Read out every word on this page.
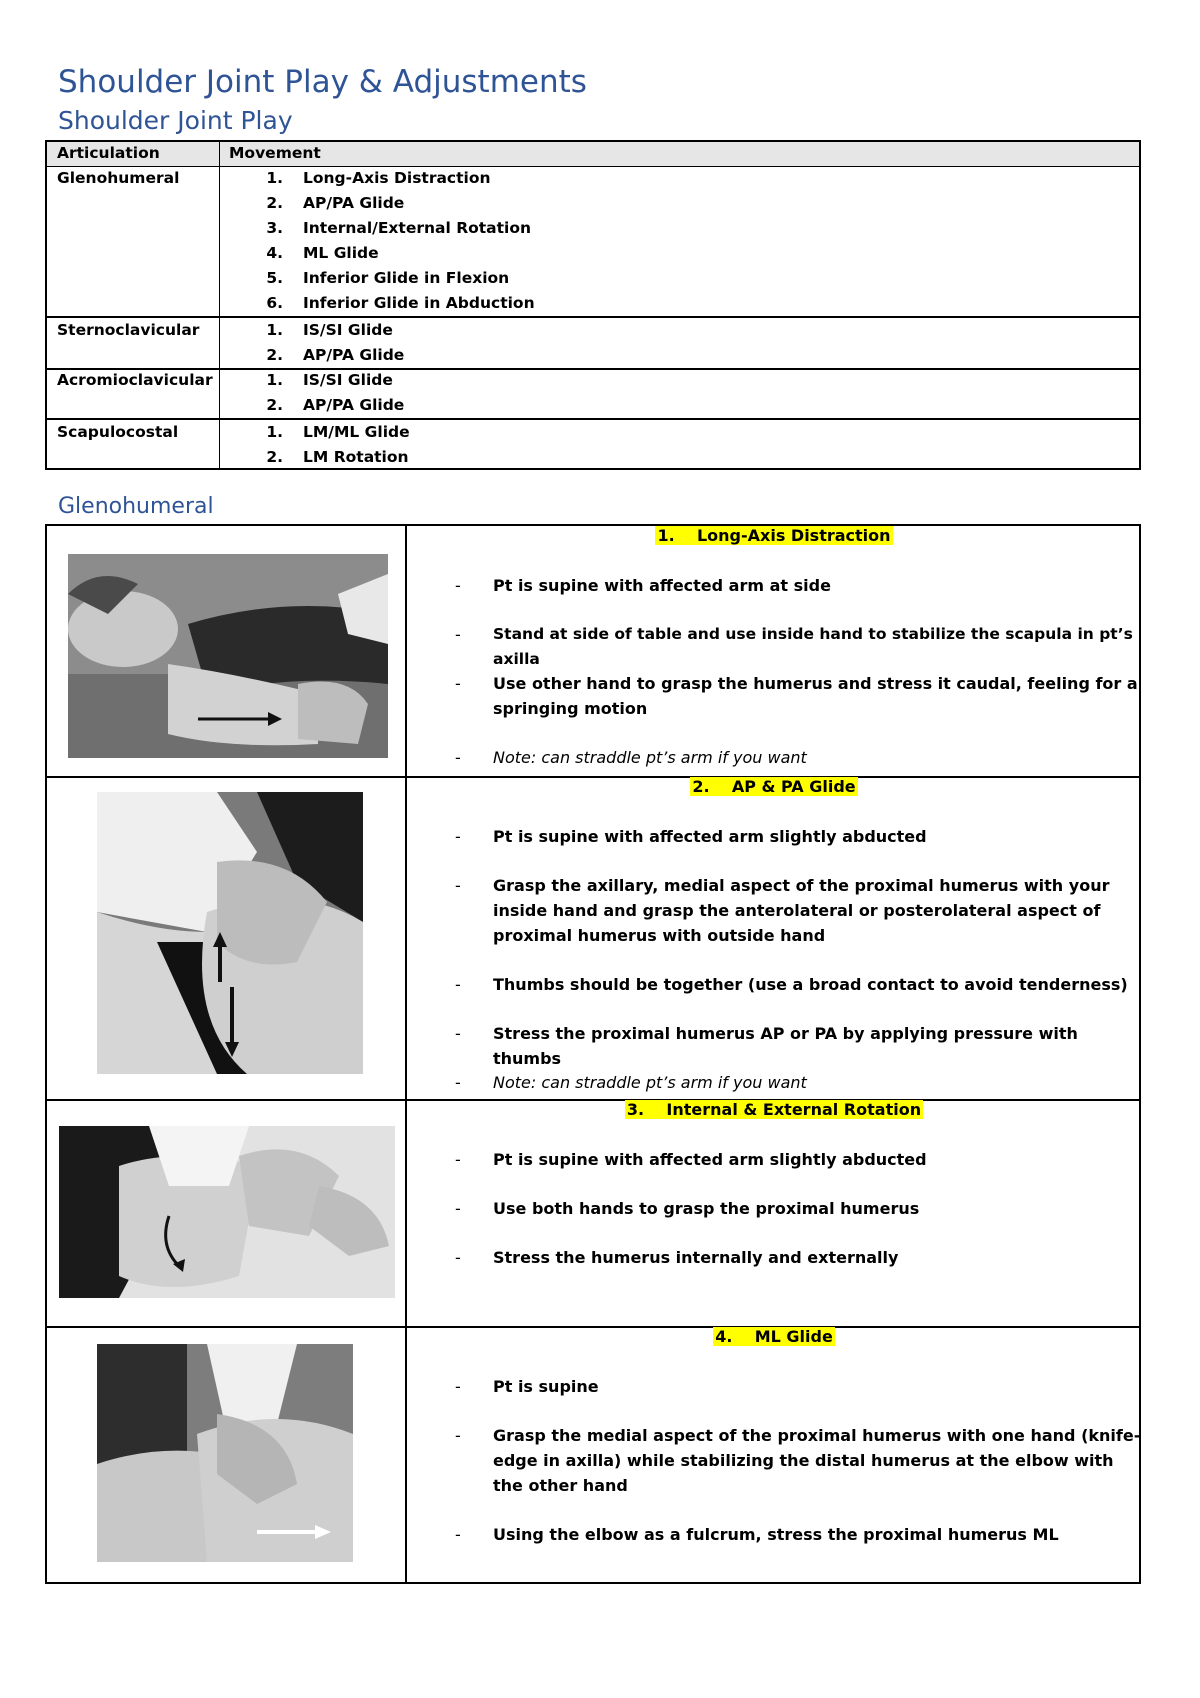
Shoulder Joint Play & Adjustments
Shoulder Joint Play
Articulation	Movement
Glenohumeral	1. Long-Axis Distraction
2. AP/PA Glide
3. Internal/External Rotation
4. ML Glide
5. Inferior Glide in Flexion
6. Inferior Glide in Abduction
Sternoclavicular	1. IS/SI Glide
2. AP/PA Glide
Acromioclavicular	1. IS/SI Glide
2. AP/PA Glide
Scapulocostal	1. LM/ML Glide
2. LM Rotation
Glenohumeral
1. Long-Axis Distraction
- Pt is supine with affected arm at side
- Stand at side of table and use inside hand to stabilize the scapula in pt’s axilla
- Use other hand to grasp the humerus and stress it caudal, feeling for a springing motion
- Note: can straddle pt’s arm if you want
2. AP & PA Glide
- Pt is supine with affected arm slightly abducted
- Grasp the axillary, medial aspect of the proximal humerus with your inside hand and grasp the anterolateral or posterolateral aspect of proximal humerus with outside hand
- Thumbs should be together (use a broad contact to avoid tenderness)
- Stress the proximal humerus AP or PA by applying pressure with thumbs
- Note: can straddle pt’s arm if you want
3. Internal & External Rotation
- Pt is supine with affected arm slightly abducted
- Use both hands to grasp the proximal humerus
- Stress the humerus internally and externally
4. ML Glide
- Pt is supine
- Grasp the medial aspect of the proximal humerus with one hand (knife-edge in axilla) while stabilizing the distal humerus at the elbow with the other hand
- Using the elbow as a fulcrum, stress the proximal humerus ML
